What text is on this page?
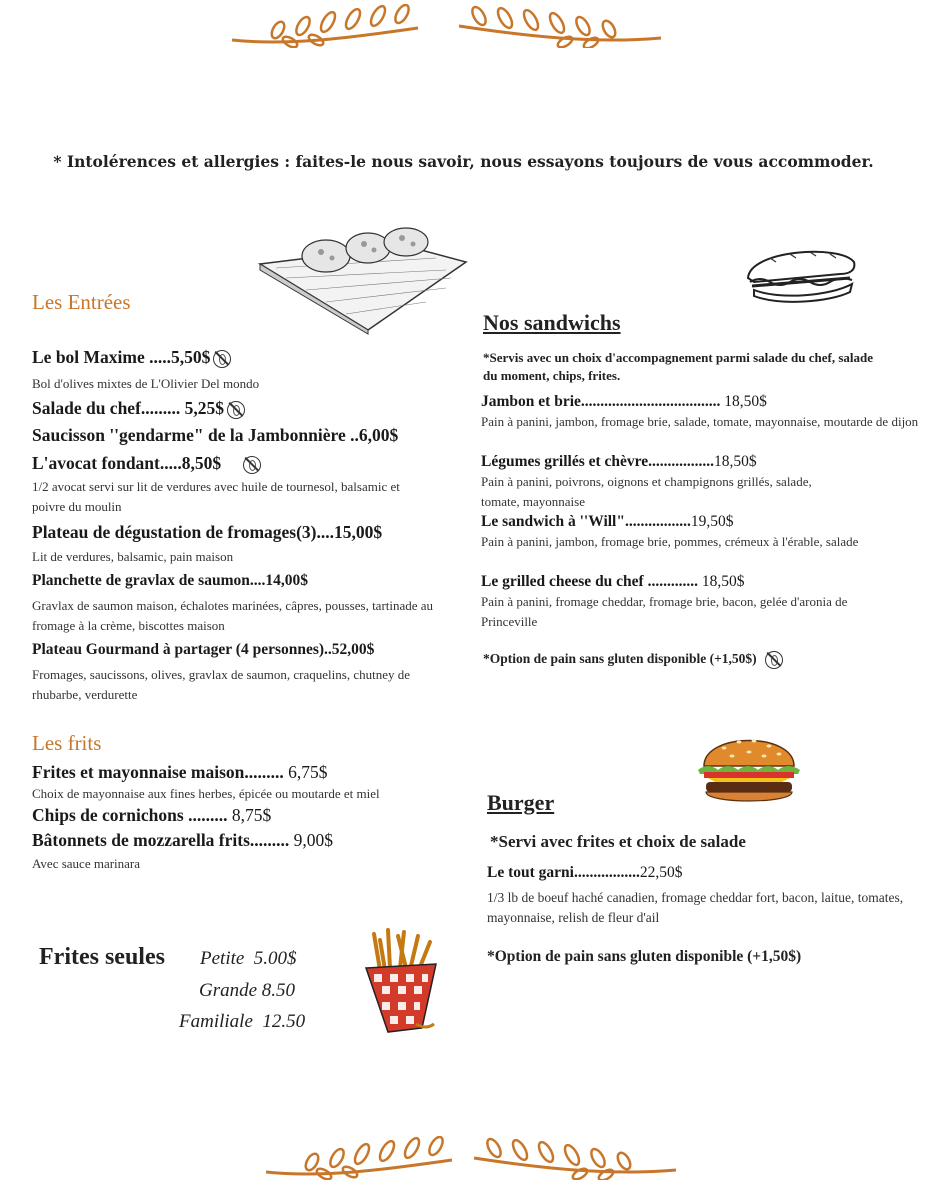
* Intolérences et allergies : faites-le nous savoir, nous essayons toujours de vous accommoder.
Les Entrées
Le bol Maxime .....5,50$
Bol d'olives mixtes de L'Olivier Del mondo
Salade du chef......... 5,25$
Saucisson ''gendarme" de la Jambonnière ..6,00$
L'avocat fondant.....8,50$
1/2 avocat servi sur lit de verdures avec huile de tournesol, balsamic et poivre du moulin
Plateau de dégustation de fromages(3)....15,00$
Lit de verdures, balsamic, pain maison
Planchette de gravlax de saumon....14,00$
Gravlax de saumon maison, échalotes marinées, câpres, pousses, tartinade au fromage à la crème, biscottes maison
Plateau Gourmand à partager (4 personnes)..52,00$
Fromages, saucissons, olives, gravlax de saumon, craquelins, chutney de rhubarbe, verdurette
Les frits
Frites et mayonnaise maison......... 6,75$
Choix de mayonnaise aux fines herbes, épicée ou moutarde et miel
Chips de cornichons ......... 8,75$
Bâtonnets de mozzarella frits......... 9,00$
Avec sauce marinara
Frites seules Petite  5.00$
Grande 8.50
Familiale  12.50
Nos sandwichs
*Servis avec un choix d'accompagnement parmi salade du chef, salade du moment, chips, frites.
Jambon et brie.................................... 18,50$
Pain à panini, jambon, fromage brie, salade, tomate, mayonnaise, moutarde de dijon
Légumes grillés et chèvre.................18,50$
Pain à panini, poivrons, oignons et champignons grillés, salade, tomate, mayonnaise
Le sandwich à ''Will".................19,50$
Pain à panini, jambon, fromage brie, pommes, crémeux à l'érable, salade
Le grilled cheese du chef ............. 18,50$
Pain à panini, fromage cheddar, fromage brie, bacon, gelée d'aronia de Princeville
*Option de pain sans gluten disponible (+1,50$)
Burger
*Servi avec frites et choix de salade
Le tout garni.................22,50$
1/3 lb de boeuf haché canadien, fromage cheddar fort, bacon, laitue, tomates, mayonnaise, relish de fleur d'ail
*Option de pain sans gluten disponible (+1,50$)
